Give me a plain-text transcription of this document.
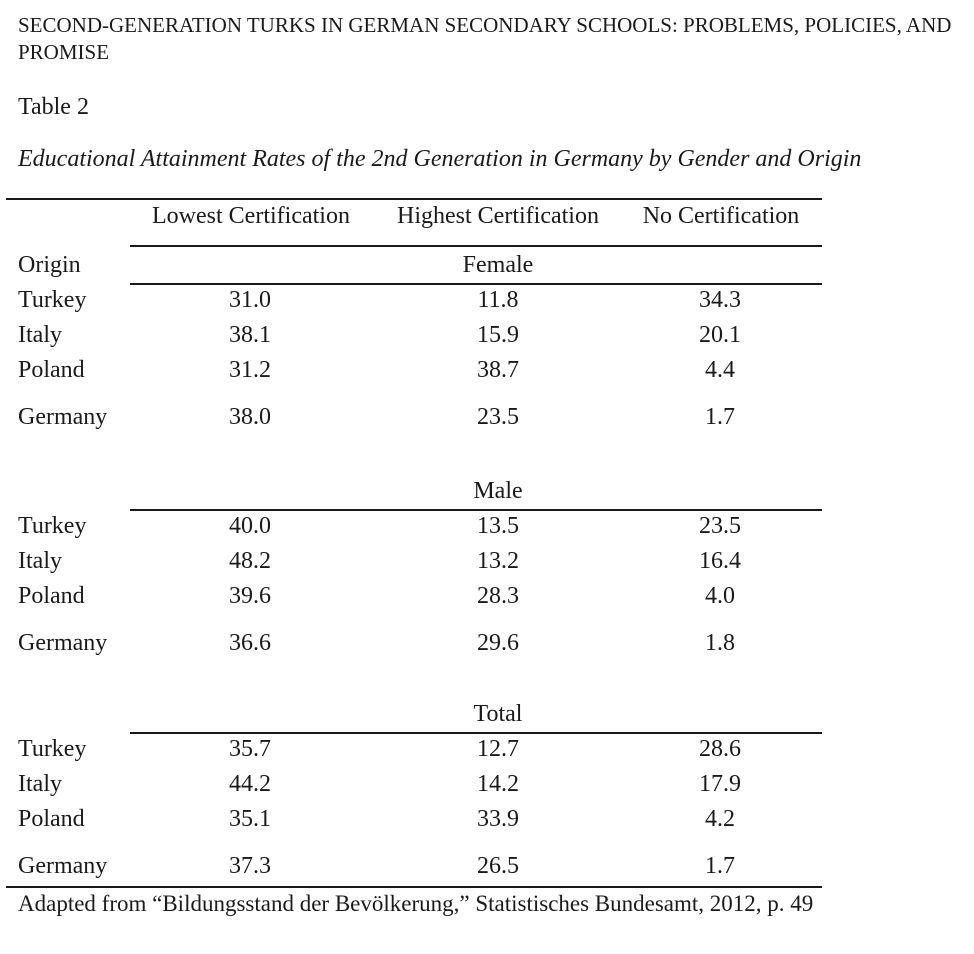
SECOND-GENERATION TURKS IN GERMAN SECONDARY SCHOOLS: PROBLEMS, POLICIES, AND PROMISE
Table 2
Educational Attainment Rates of the 2nd Generation in Germany by Gender and Origin
Lowest Certification	Highest Certification	No Certification
Origin	Female
Turkey	31.0	11.8	34.3
Italy	38.1	15.9	20.1
Poland	31.2	38.7	4.4
Germany	38.0	23.5	1.7
Male
Turkey	40.0	13.5	23.5
Italy	48.2	13.2	16.4
Poland	39.6	28.3	4.0
Germany	36.6	29.6	1.8
Total
Turkey	35.7	12.7	28.6
Italy	44.2	14.2	17.9
Poland	35.1	33.9	4.2
Germany	37.3	26.5	1.7
Adapted from “Bildungsstand der Bevölkerung,” Statistisches Bundesamt, 2012, p. 49
